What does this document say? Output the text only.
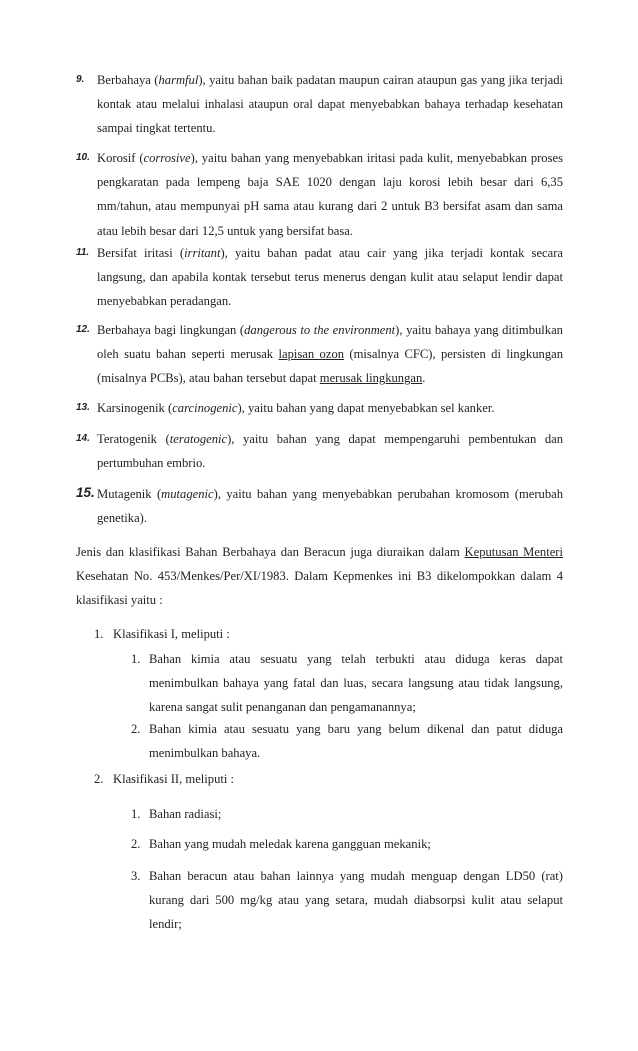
9. Berbahaya (harmful), yaitu bahan baik padatan maupun cairan ataupun gas yang jika terjadi kontak atau melalui inhalasi ataupun oral dapat menyebabkan bahaya terhadap kesehatan sampai tingkat tertentu.
10. Korosif (corrosive), yaitu bahan yang menyebabkan iritasi pada kulit, menyebabkan proses pengkaratan pada lempeng baja SAE 1020 dengan laju korosi lebih besar dari 6,35 mm/tahun, atau mempunyai pH sama atau kurang dari 2 untuk B3 bersifat asam dan sama atau lebih besar dari 12,5 untuk yang bersifat basa.
11. Bersifat iritasi (irritant), yaitu bahan padat atau cair yang jika terjadi kontak secara langsung, dan apabila kontak tersebut terus menerus dengan kulit atau selaput lendir dapat menyebabkan peradangan.
12. Berbahaya bagi lingkungan (dangerous to the environment), yaitu bahaya yang ditimbulkan oleh suatu bahan seperti merusak lapisan ozon (misalnya CFC), persisten di lingkungan (misalnya PCBs), atau bahan tersebut dapat merusak lingkungan.
13. Karsinogenik (carcinogenic), yaitu bahan yang dapat menyebabkan sel kanker.
14. Teratogenik (teratogenic), yaitu bahan yang dapat mempengaruhi pembentukan dan pertumbuhan embrio.
15. Mutagenik (mutagenic), yaitu bahan yang menyebabkan perubahan kromosom (merubah genetika).
Jenis dan klasifikasi Bahan Berbahaya dan Beracun juga diuraikan dalam Keputusan Menteri Kesehatan No. 453/Menkes/Per/XI/1983. Dalam Kepmenkes ini B3 dikelompokkan dalam 4 klasifikasi yaitu :
1. Klasifikasi I, meliputi :
1. Bahan kimia atau sesuatu yang telah terbukti atau diduga keras dapat menimbulkan bahaya yang fatal dan luas, secara langsung atau tidak langsung, karena sangat sulit penanganan dan pengamanannya;
2. Bahan kimia atau sesuatu yang baru yang belum dikenal dan patut diduga menimbulkan bahaya.
2. Klasifikasi II, meliputi :
1. Bahan radiasi;
2. Bahan yang mudah meledak karena gangguan mekanik;
3. Bahan beracun atau bahan lainnya yang mudah menguap dengan LD50 (rat) kurang dari 500 mg/kg atau yang setara, mudah diabsorpsi kulit atau selaput lendir;
